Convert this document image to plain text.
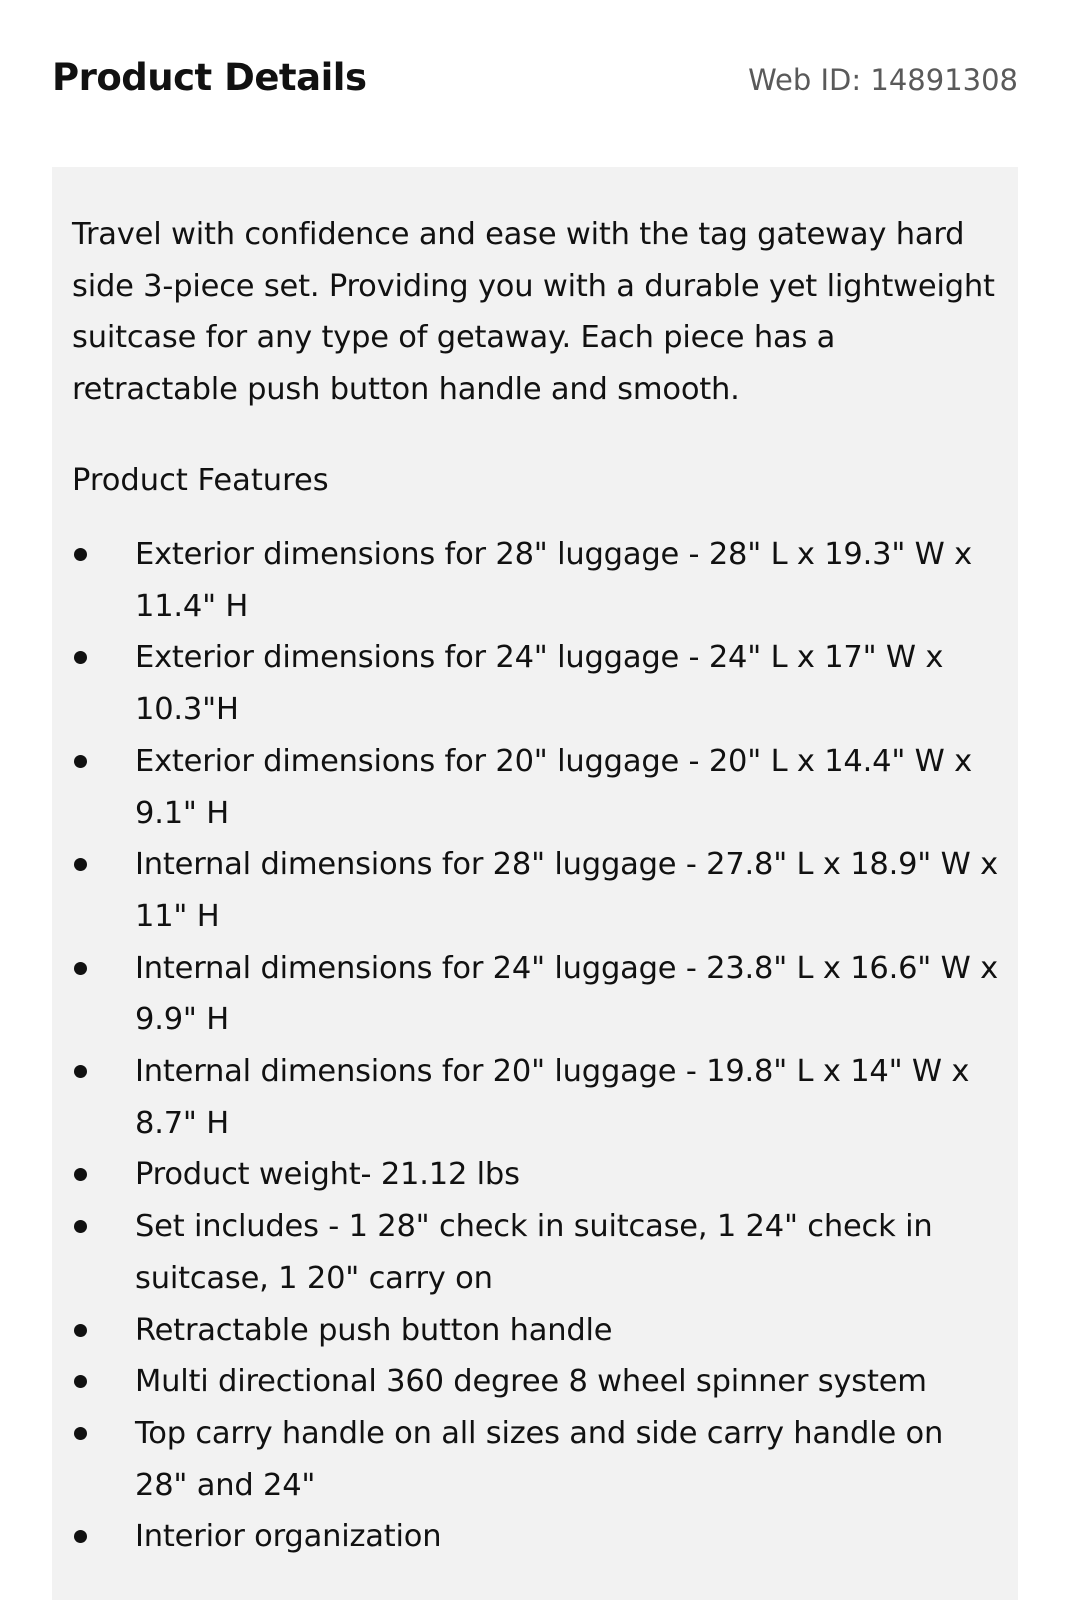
Product Details	Web ID: 14891308

Travel with confidence and ease with the tag gateway hard side 3-piece set. Providing you with a durable yet lightweight suitcase for any type of getaway. Each piece has a retractable push button handle and smooth.

Product Features
Exterior dimensions for 28" luggage - 28" L x 19.3" W x 11.4" H
Exterior dimensions for 24" luggage - 24" L x 17" W x 10.3"H
Exterior dimensions for 20" luggage - 20" L x 14.4" W x 9.1" H
Internal dimensions for 28" luggage - 27.8" L x 18.9" W x 11" H
Internal dimensions for 24" luggage - 23.8" L x 16.6" W x 9.9" H
Internal dimensions for 20" luggage - 19.8" L x 14" W x 8.7" H
Product weight- 21.12 lbs
Set includes - 1 28" check in suitcase, 1 24" check in suitcase, 1 20" carry on
Retractable push button handle
Multi directional 360 degree 8 wheel spinner system
Top carry handle on all sizes and side carry handle on 28" and 24"
Interior organization
